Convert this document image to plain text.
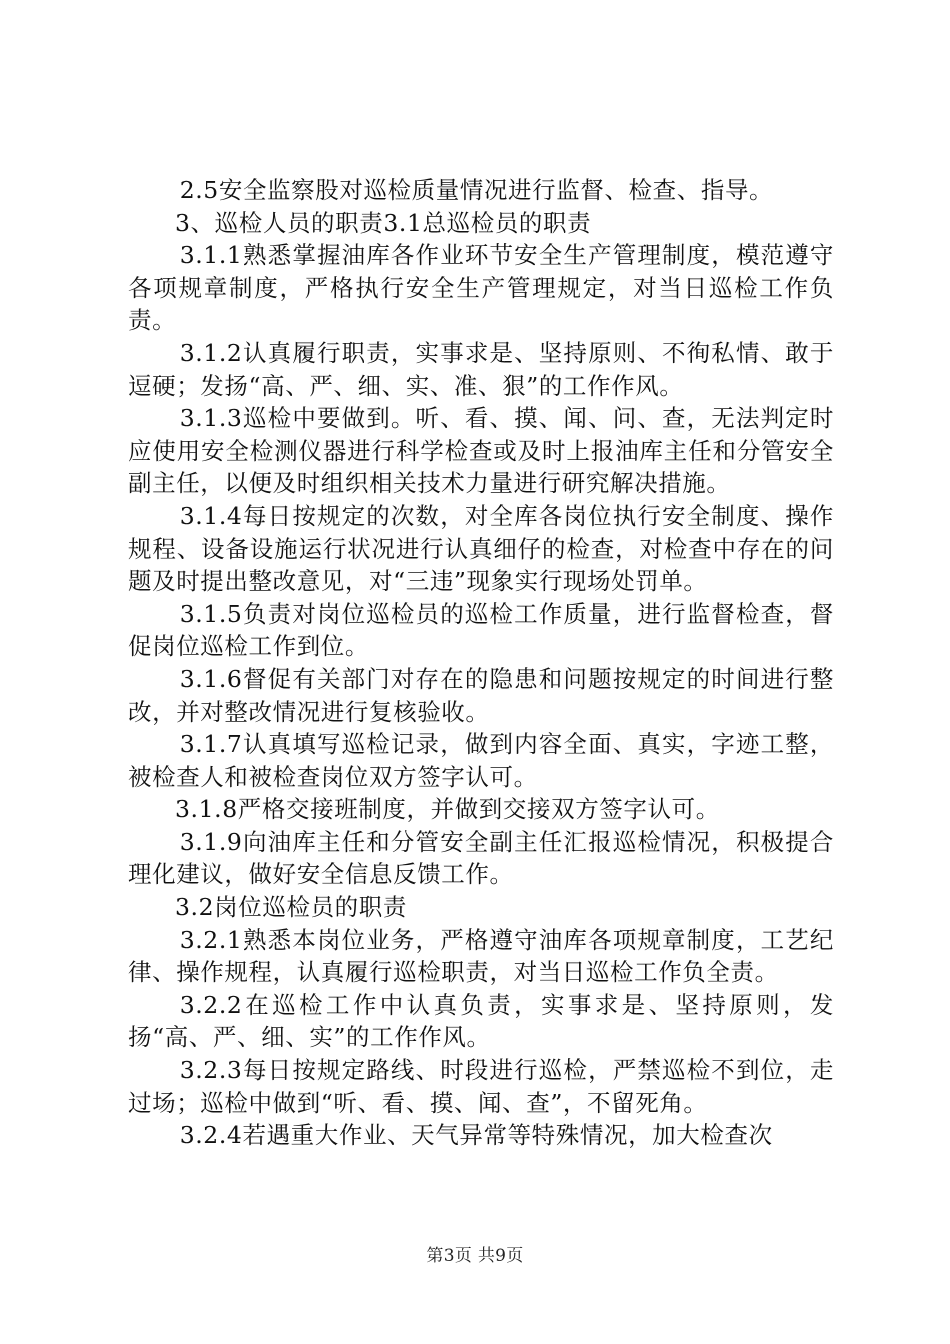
2.5安全监察股对巡检质量情况进行监督、检查、指导。

3、巡检人员的职责3.1总巡检员的职责

3.1.1熟悉掌握油库各作业环节安全生产管理制度，模范遵守各项规章制度，严格执行安全生产管理规定，对当日巡检工作负责。

3.1.2认真履行职责，实事求是、坚持原则、不徇私情、敢于逗硬；发扬“高、严、细、实、准、狠”的工作作风。

3.1.3巡检中要做到。听、看、摸、闻、问、查，无法判定时应使用安全检测仪器进行科学检查或及时上报油库主任和分管安全副主任，以便及时组织相关技术力量进行研究解决措施。

3.1.4每日按规定的次数，对全库各岗位执行安全制度、操作规程、设备设施运行状况进行认真细仔的检查，对检查中存在的问题及时提出整改意见，对“三违”现象实行现场处罚单。

3.1.5负责对岗位巡检员的巡检工作质量，进行监督检查，督促岗位巡检工作到位。

3.1.6督促有关部门对存在的隐患和问题按规定的时间进行整改，并对整改情况进行复核验收。

3.1.7认真填写巡检记录，做到内容全面、真实，字迹工整，被检查人和被检查岗位双方签字认可。

3.1.8严格交接班制度，并做到交接双方签字认可。

3.1.9向油库主任和分管安全副主任汇报巡检情况，积极提合理化建议，做好安全信息反馈工作。

3.2岗位巡检员的职责

3.2.1熟悉本岗位业务，严格遵守油库各项规章制度，工艺纪律、操作规程，认真履行巡检职责，对当日巡检工作负全责。

3.2.2在巡检工作中认真负责，实事求是、坚持原则，发扬“高、严、细、实”的工作作风。

3.2.3每日按规定路线、时段进行巡检，严禁巡检不到位，走过场；巡检中做到“听、看、摸、闻、查”，不留死角。

3.2.4若遇重大作业、天气异常等特殊情况，加大检查次

第3页 共9页
